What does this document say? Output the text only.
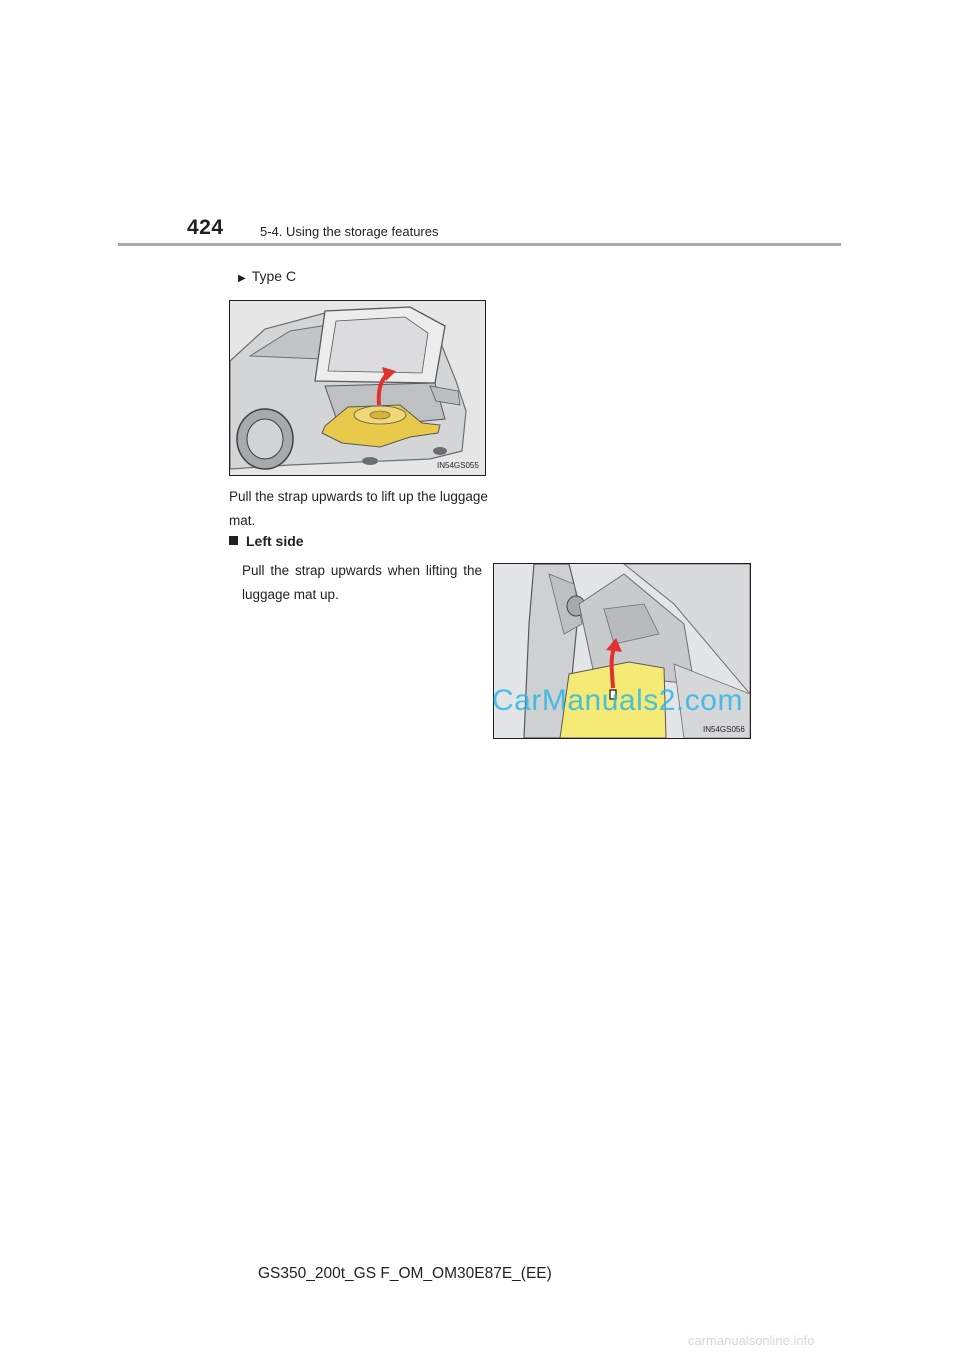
424	5-4. Using the storage features
▶ Type C
IN54GS055
Pull the strap upwards to lift up the luggage mat.
Left side
Pull the strap upwards when lifting the luggage mat up.
IN54GS056
CarManuals2.com
GS350_200t_GS F_OM_OM30E87E_(EE)
carmanualsonline.info
